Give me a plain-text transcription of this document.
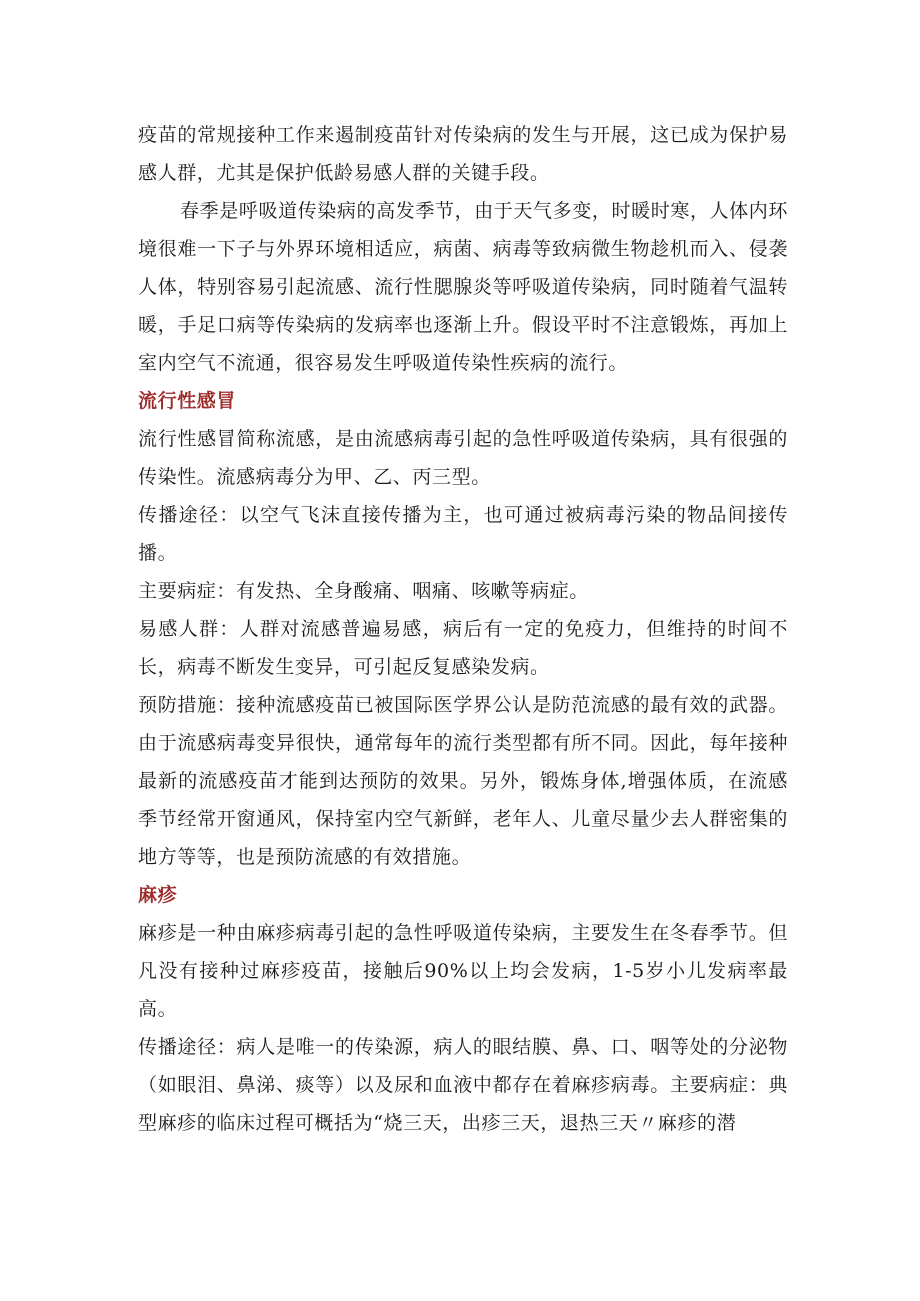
疫苗的常规接种工作来遏制疫苗针对传染病的发生与开展，这已成为保护易感人群，尤其是保护低龄易感人群的关键手段。

春季是呼吸道传染病的高发季节，由于天气多变，时暖时寒，人体内环境很难一下子与外界环境相适应，病菌、病毒等致病微生物趁机而入、侵袭人体，特别容易引起流感、流行性腮腺炎等呼吸道传染病，同时随着气温转暖，手足口病等传染病的发病率也逐渐上升。假设平时不注意锻炼，再加上室内空气不流通，很容易发生呼吸道传染性疾病的流行。

流行性感冒

流行性感冒简称流感，是由流感病毒引起的急性呼吸道传染病，具有很强的传染性。流感病毒分为甲、乙、丙三型。

传播途径：以空气飞沫直接传播为主，也可通过被病毒污染的物品间接传播。

主要病症：有发热、全身酸痛、咽痛、咳嗽等病症。

易感人群：人群对流感普遍易感，病后有一定的免疫力，但维持的时间不长，病毒不断发生变异，可引起反复感染发病。

预防措施：接种流感疫苗已被国际医学界公认是防范流感的最有效的武器。由于流感病毒变异很快，通常每年的流行类型都有所不同。因此，每年接种最新的流感疫苗才能到达预防的效果。另外，锻炼身体,增强体质，在流感季节经常开窗通风，保持室内空气新鲜，老年人、儿童尽量少去人群密集的地方等等，也是预防流感的有效措施。

麻疹

麻疹是一种由麻疹病毒引起的急性呼吸道传染病，主要发生在冬春季节。但凡没有接种过麻疹疫苗，接触后90%以上均会发病，1-5岁小儿发病率最高。

传播途径：病人是唯一的传染源，病人的眼结膜、鼻、口、咽等处的分泌物（如眼泪、鼻涕、痰等）以及尿和血液中都存在着麻疹病毒。主要病症：典型麻疹的临床过程可概括为“烧三天，出疹三天，退热三天〃麻疹的潜
